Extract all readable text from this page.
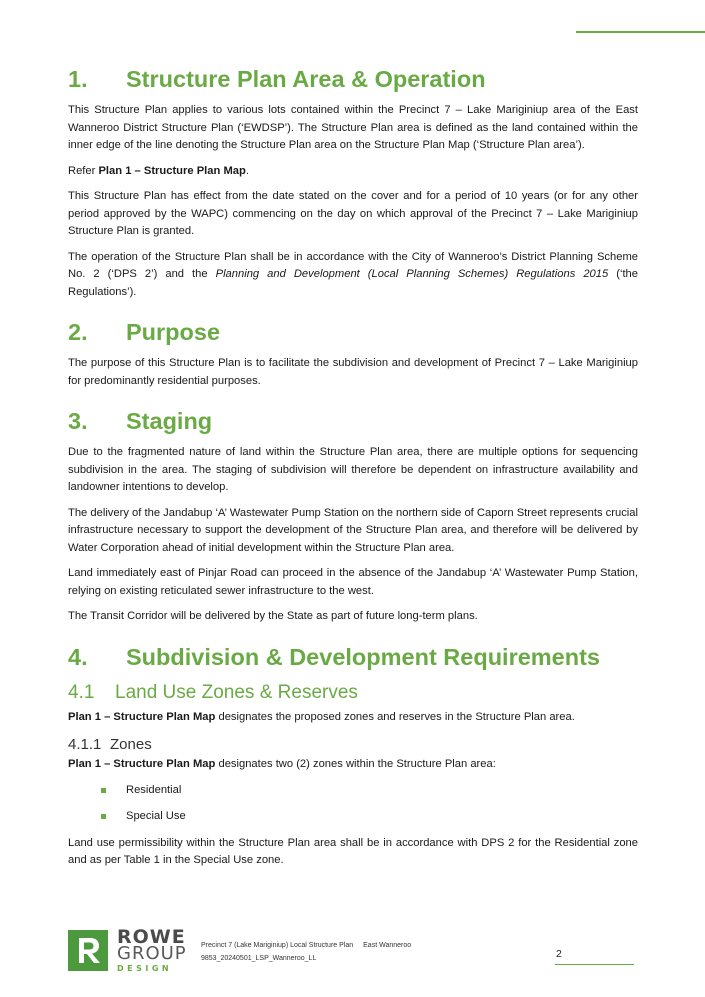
1. Structure Plan Area & Operation

This Structure Plan applies to various lots contained within the Precinct 7 – Lake Mariginiup area of the East Wanneroo District Structure Plan (‘EWDSP’). The Structure Plan area is defined as the land contained within the inner edge of the line denoting the Structure Plan area on the Structure Plan Map (‘Structure Plan area’).

Refer Plan 1 – Structure Plan Map.

This Structure Plan has effect from the date stated on the cover and for a period of 10 years (or for any other period approved by the WAPC) commencing on the day on which approval of the Precinct 7 – Lake Mariginiup Structure Plan is granted.

The operation of the Structure Plan shall be in accordance with the City of Wanneroo’s District Planning Scheme No. 2 (‘DPS 2’) and the Planning and Development (Local Planning Schemes) Regulations 2015 (‘the Regulations’).

2. Purpose

The purpose of this Structure Plan is to facilitate the subdivision and development of Precinct 7 – Lake Mariginiup for predominantly residential purposes.

3. Staging

Due to the fragmented nature of land within the Structure Plan area, there are multiple options for sequencing subdivision in the area. The staging of subdivision will therefore be dependent on infrastructure availability and landowner intentions to develop.

The delivery of the Jandabup ‘A’ Wastewater Pump Station on the northern side of Caporn Street represents crucial infrastructure necessary to support the development of the Structure Plan area, and therefore will be delivered by Water Corporation ahead of initial development within the Structure Plan area.

Land immediately east of Pinjar Road can proceed in the absence of the Jandabup ‘A’ Wastewater Pump Station, relying on existing reticulated sewer infrastructure to the west.

The Transit Corridor will be delivered by the State as part of future long-term plans.

4. Subdivision & Development Requirements
4.1 Land Use Zones & Reserves

Plan 1 – Structure Plan Map designates the proposed zones and reserves in the Structure Plan area.

4.1.1 Zones

Plan 1 – Structure Plan Map designates two (2) zones within the Structure Plan area:

Residential
Special Use

Land use permissibility within the Structure Plan area shall be in accordance with DPS 2 for the Residential zone and as per Table 1 in the Special Use zone.

ROWE
GROUP
DESIGN
Precinct 7 (Lake Mariginiup) Local Structure Plan East Wanneroo
9853_20240501_LSP_Wanneroo_LL	2
